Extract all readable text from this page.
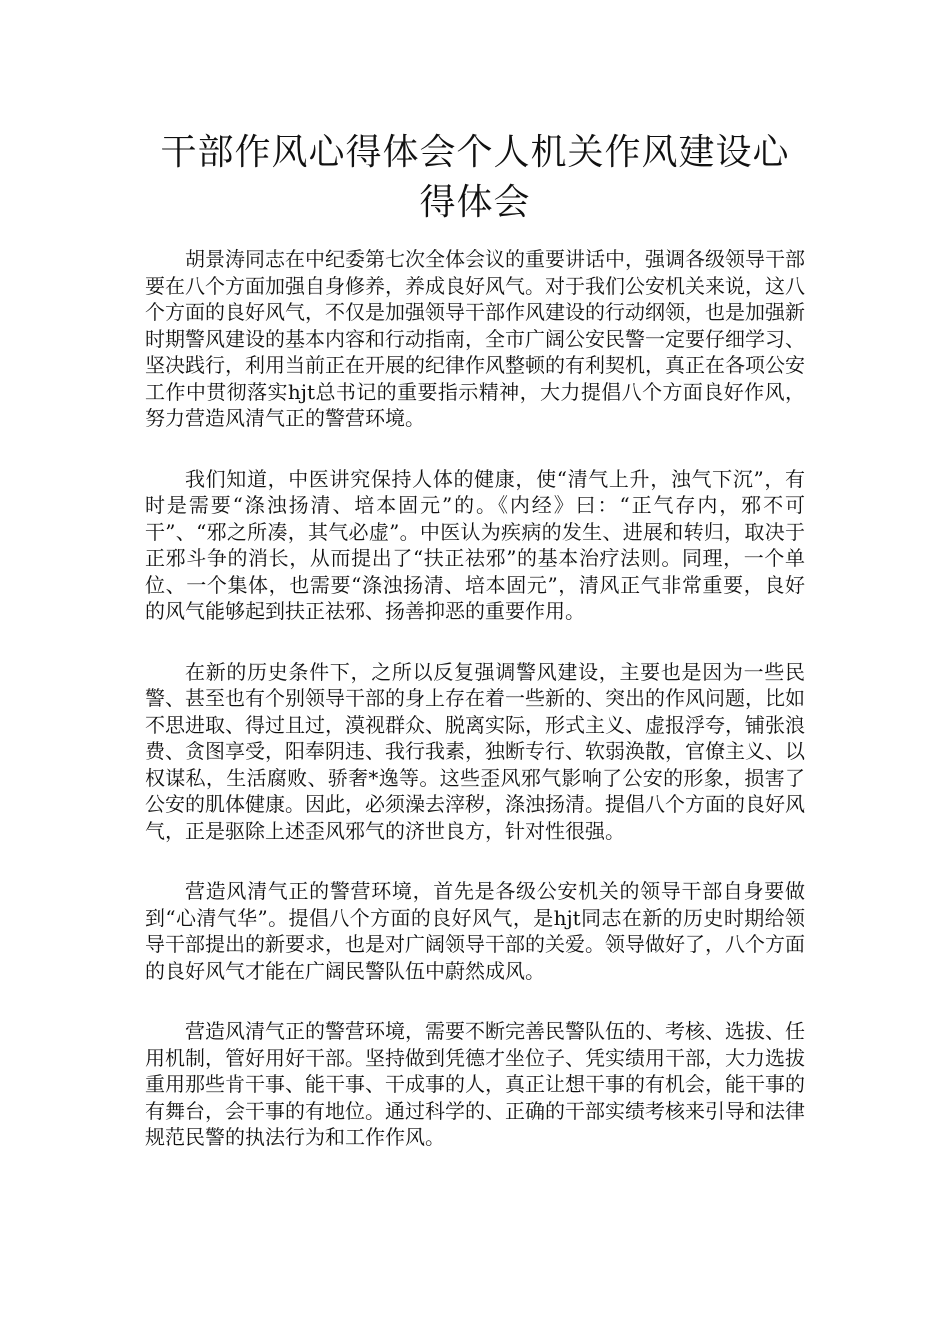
干部作风心得体会个人机关作风建设心得体会

胡景涛同志在中纪委第七次全体会议的重要讲话中，强调各级领导干部要在八个方面加强自身修养，养成良好风气。对于我们公安机关来说，这八个方面的良好风气，不仅是加强领导干部作风建设的行动纲领，也是加强新时期警风建设的基本内容和行动指南，全市广阔公安民警一定要仔细学习、坚决践行，利用当前正在开展的纪律作风整顿的有利契机，真正在各项公安工作中贯彻落实hjt总书记的重要指示精神，大力提倡八个方面良好作风，努力营造风清气正的警营环境。

我们知道，中医讲究保持人体的健康，使“清气上升，浊气下沉”，有时是需要“涤浊扬清、培本固元”的。《内经》曰：“正气存内，邪不可干”、“邪之所凑，其气必虚”。中医认为疾病的发生、进展和转归，取决于正邪斗争的消长，从而提出了“扶正祛邪”的基本治疗法则。同理，一个单位、一个集体，也需要“涤浊扬清、培本固元”，清风正气非常重要，良好的风气能够起到扶正祛邪、扬善抑恶的重要作用。

在新的历史条件下，之所以反复强调警风建设，主要也是因为一些民警、甚至也有个别领导干部的身上存在着一些新的、突出的作风问题，比如不思进取、得过且过，漠视群众、脱离实际，形式主义、虚报浮夸，铺张浪费、贪图享受，阳奉阴违、我行我素，独断专行、软弱涣散，官僚主义、以权谋私，生活腐败、骄奢*逸等。这些歪风邪气影响了公安的形象，损害了公安的肌体健康。因此，必须澡去滓秽，涤浊扬清。提倡八个方面的良好风气，正是驱除上述歪风邪气的济世良方，针对性很强。

营造风清气正的警营环境，首先是各级公安机关的领导干部自身要做到“心清气华”。提倡八个方面的良好风气，是hjt同志在新的历史时期给领导干部提出的新要求，也是对广阔领导干部的关爱。领导做好了，八个方面的良好风气才能在广阔民警队伍中蔚然成风。

营造风清气正的警营环境，需要不断完善民警队伍的、考核、选拔、任用机制，管好用好干部。坚持做到凭德才坐位子、凭实绩用干部，大力选拔重用那些肯干事、能干事、干成事的人，真正让想干事的有机会，能干事的有舞台，会干事的有地位。通过科学的、正确的干部实绩考核来引导和法律规范民警的执法行为和工作作风。
